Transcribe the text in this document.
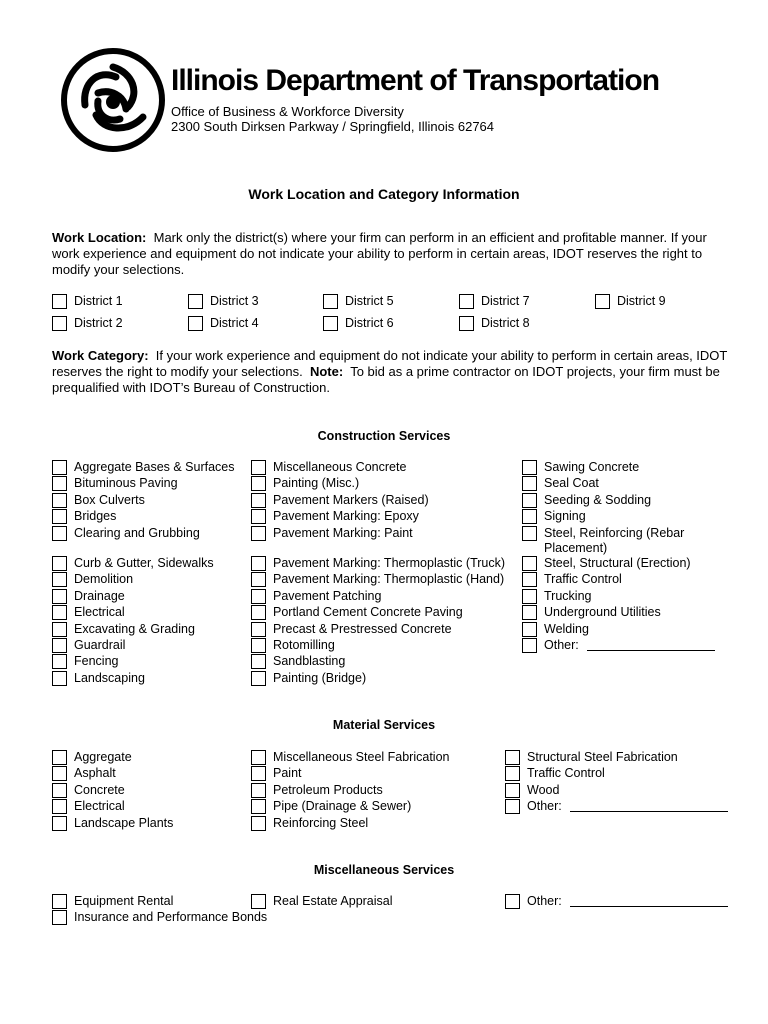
Illinois Department of Transportation
Office of Business & Workforce Diversity
2300 South Dirksen Parkway / Springfield, Illinois 62764
Work Location and Category Information
Work Location: Mark only the district(s) where your firm can perform in an efficient and profitable manner. If your work experience and equipment do not indicate your ability to perform in certain areas, IDOT reserves the right to modify your selections.
District 1
District 2
District 3
District 4
District 5
District 6
District 7
District 8
District 9
Work Category: If your work experience and equipment do not indicate your ability to perform in certain areas, IDOT reserves the right to modify your selections. Note: To bid as a prime contractor on IDOT projects, your firm must be prequalified with IDOT’s Bureau of Construction.
Construction Services
Material Services
Miscellaneous Services
Aggregate Bases & Surfaces
Bituminous Paving
Box Culverts
Bridges
Clearing and Grubbing
Curb & Gutter, Sidewalks
Demolition
Drainage
Electrical
Excavating & Grading
Guardrail
Fencing
Landscaping
Miscellaneous Concrete
Painting (Misc.)
Pavement Markers (Raised)
Pavement Marking: Epoxy
Pavement Marking: Paint
Pavement Marking: Thermoplastic (Truck)
Pavement Marking: Thermoplastic (Hand)
Pavement Patching
Portland Cement Concrete Paving
Precast & Prestressed Concrete
Rotomilling
Sandblasting
Painting (Bridge)
Sawing Concrete
Seal Coat
Seeding & Sodding
Signing
Steel, Reinforcing (Rebar Placement)
Steel, Structural (Erection)
Traffic Control
Trucking
Underground Utilities
Welding
Other:
Aggregate
Asphalt
Concrete
Electrical
Landscape Plants
Miscellaneous Steel Fabrication
Paint
Petroleum Products
Pipe (Drainage & Sewer)
Reinforcing Steel
Structural Steel Fabrication
Traffic Control
Wood
Other:
Equipment Rental
Insurance and Performance Bonds
Real Estate Appraisal	Other:
